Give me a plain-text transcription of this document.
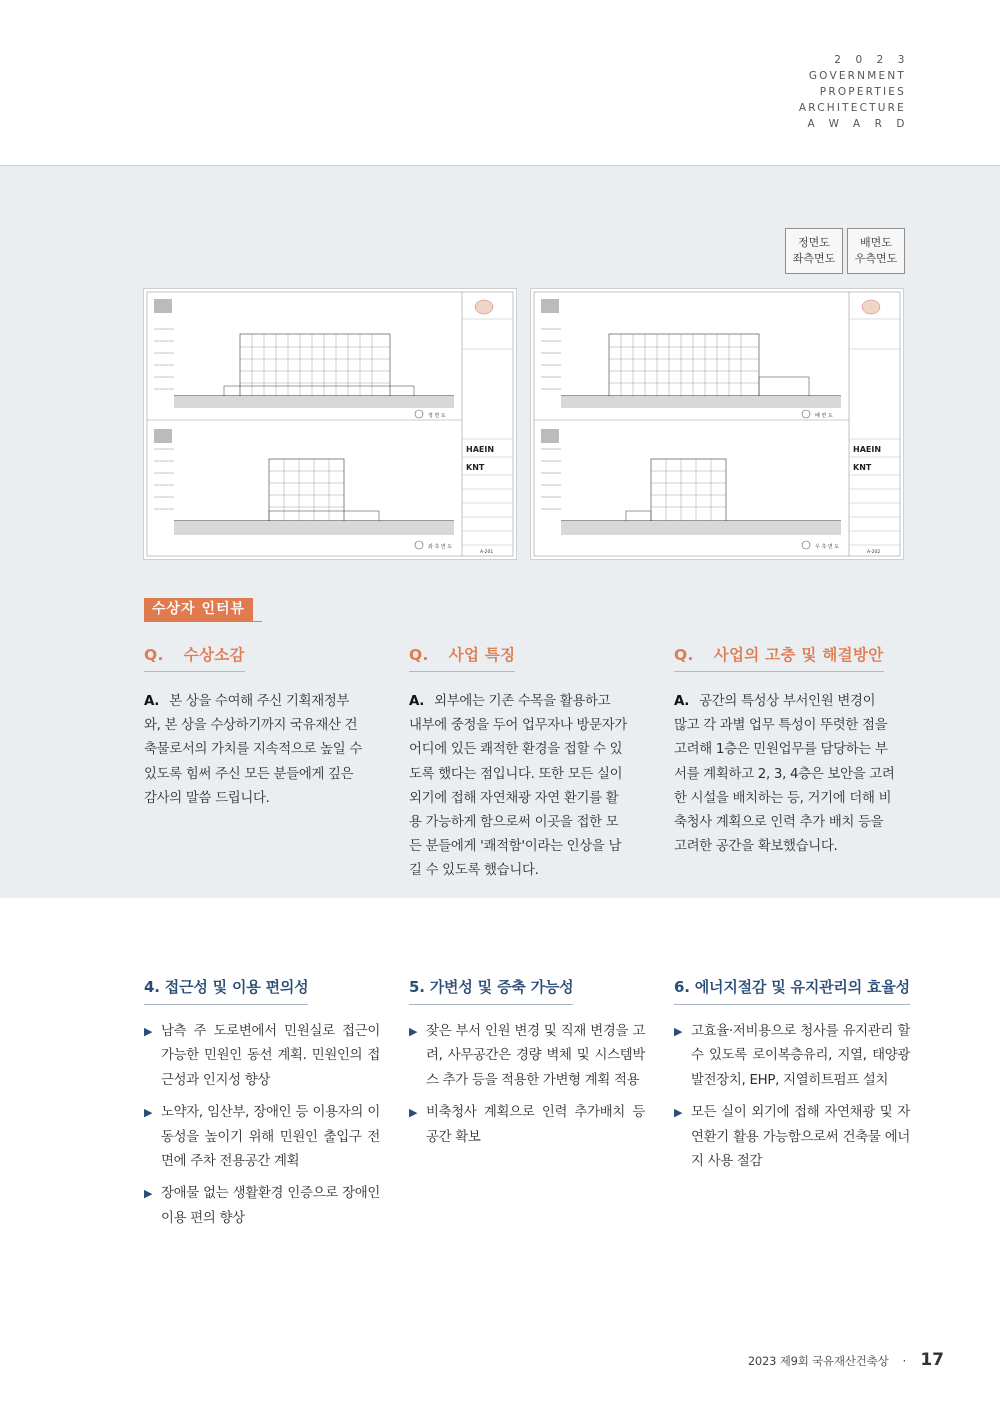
2023
GOVERNMENT
PROPERTIES
ARCHITECTURE
AWARD
정면도
좌측면도
배면도
우측면도
정 면 도
좌 측 면 도
HAEIN
KNT
A-201
배 면 도
우 측 면 도
HAEIN
KNT
A-202
수상자 인터뷰
Q. 수상소감
A. 본 상을 수여해 주신 기획재정부
와, 본 상을 수상하기까지 국유재산 건
축물로서의 가치를 지속적으로 높일 수
있도록 힘써 주신 모든 분들에게 깊은
감사의 말씀 드립니다.
Q. 사업 특징
A. 외부에는 기존 수목을 활용하고
내부에 중정을 두어 업무자나 방문자가
어디에 있든 쾌적한 환경을 접할 수 있
도록 했다는 점입니다. 또한 모든 실이
외기에 접해 자연채광 자연 환기를 활
용 가능하게 함으로써 이곳을 접한 모
든 분들에게 '쾌적함'이라는 인상을 남
길 수 있도록 했습니다.
Q. 사업의 고충 및 해결방안
A. 공간의 특성상 부서인원 변경이
많고 각 과별 업무 특성이 뚜렷한 점을
고려해 1층은 민원업무를 담당하는 부
서를 계획하고 2, 3, 4층은 보안을 고려
한 시설을 배치하는 등, 거기에 더해 비
축청사 계획으로 인력 추가 배치 등을
고려한 공간을 확보했습니다.
4. 접근성 및 이용 편의성
▶ 남측 주 도로변에서 민원실로 접근이 가능한 민원인 동선 계획. 민원인의 접근성과 인지성 향상
▶ 노약자, 임산부, 장애인 등 이용자의 이동성을 높이기 위해 민원인 출입구 전면에 주차 전용공간 계획
▶ 장애물 없는 생활환경 인증으로 장애인 이용 편의 향상
5. 가변성 및 증축 가능성
▶ 잦은 부서 인원 변경 및 직재 변경을 고려, 사무공간은 경량 벽체 및 시스템박스 추가 등을 적용한 가변형 계획 적용
▶ 비축청사 계획으로 인력 추가배치 등 공간 확보
6. 에너지절감 및 유지관리의 효율성
▶ 고효율·저비용으로 청사를 유지관리 할 수 있도록 로이복층유리, 지열, 태양광발전장치, EHP, 지열히트펌프 설치
▶ 모든 실이 외기에 접해 자연채광 및 자연환기 활용 가능함으로써 건축물 에너지 사용 절감
2023 제9회 국유재산건축상 · 17
